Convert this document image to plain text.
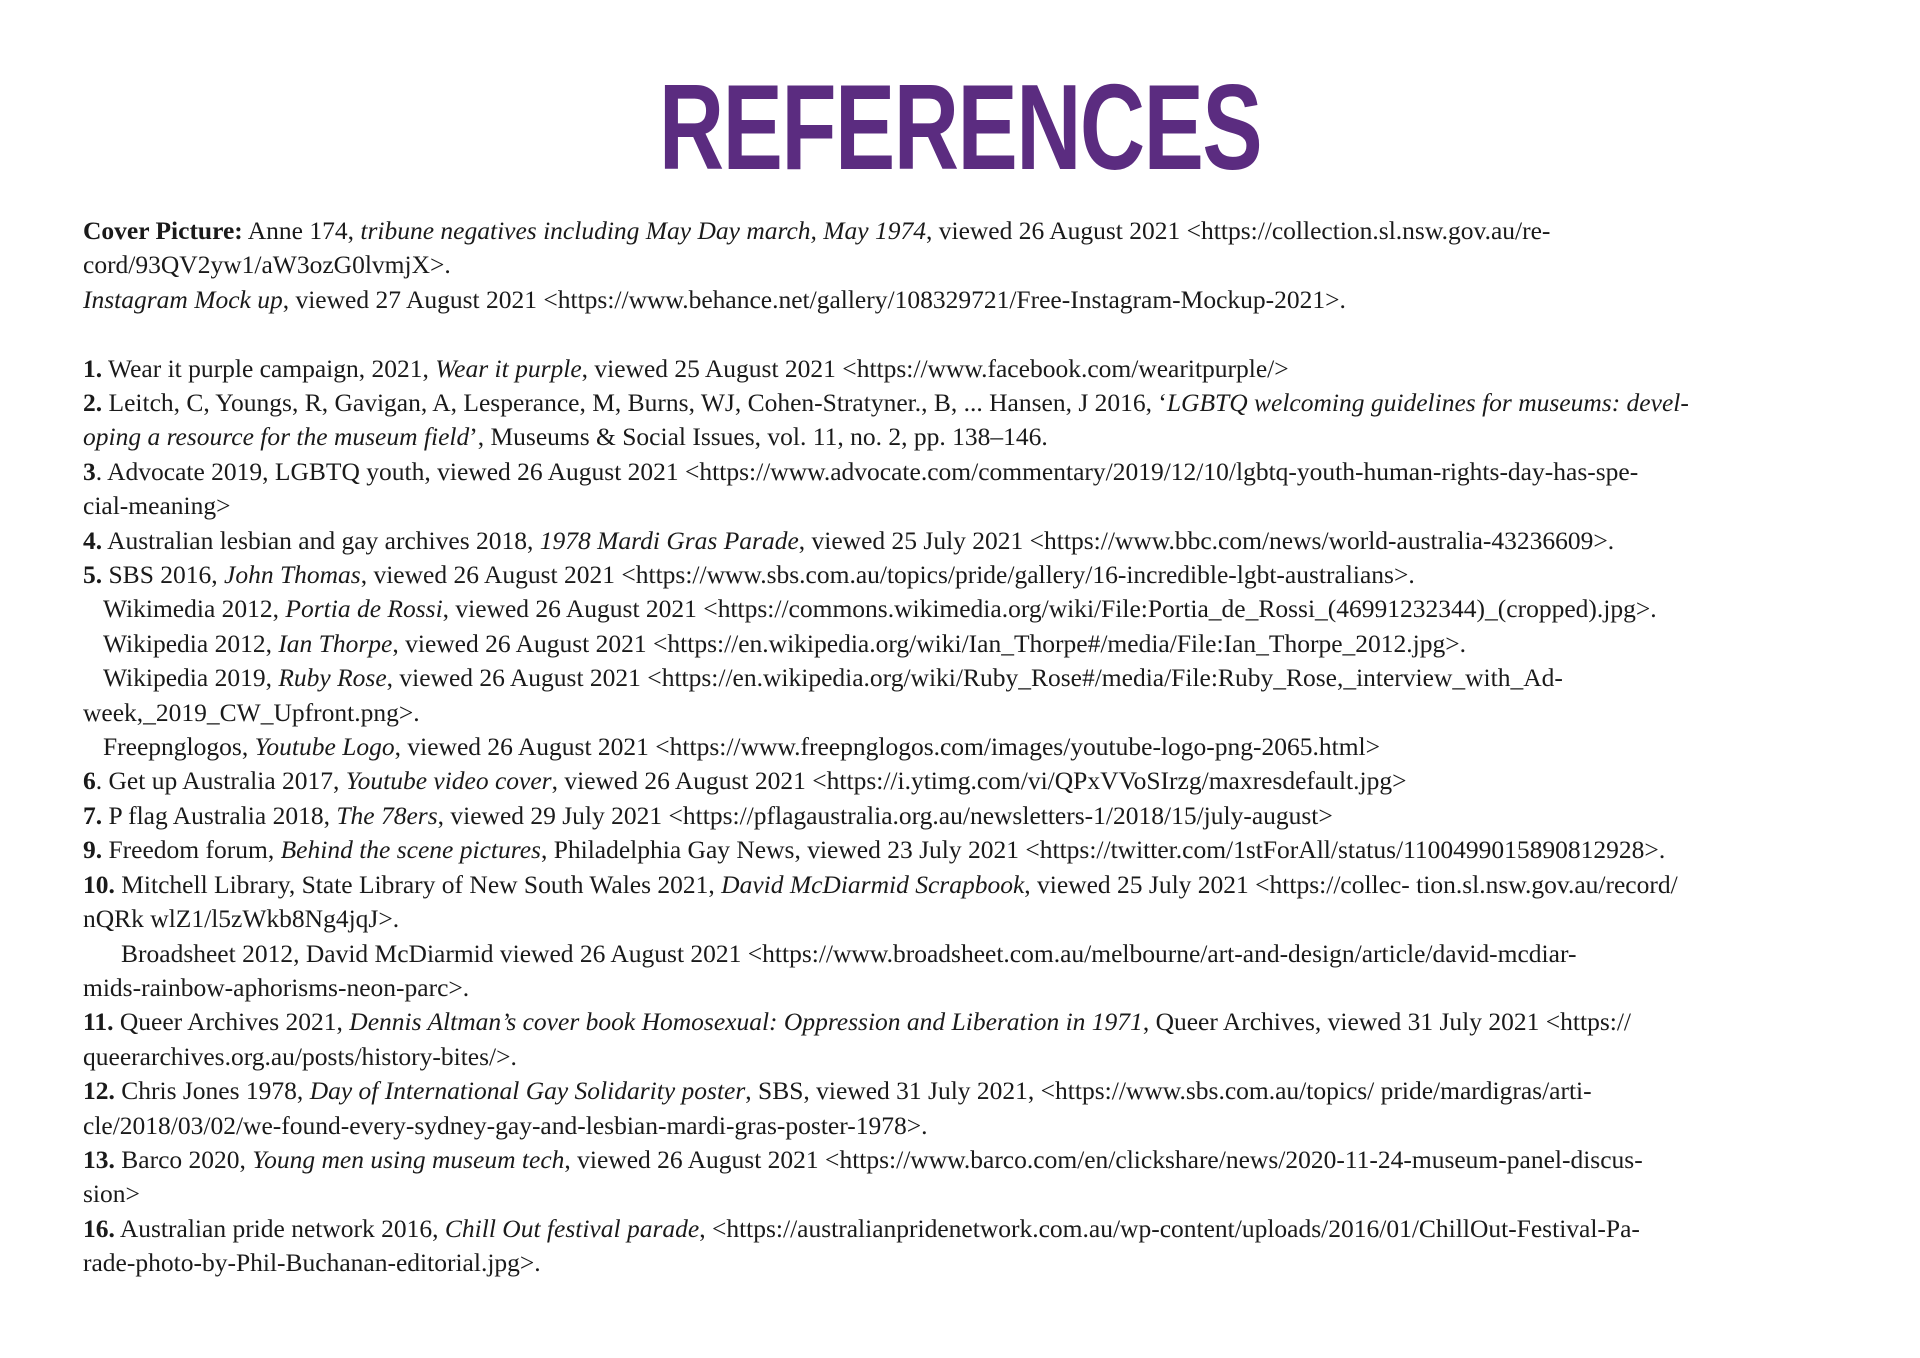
REFERENCES
Cover Picture: Anne 174, tribune negatives including May Day march, May 1974, viewed 26 August 2021 <https://collection.sl.nsw.gov.au/re-
cord/93QV2yw1/aW3ozG0lvmjX>.
Instagram Mock up, viewed 27 August 2021 <https://www.behance.net/gallery/108329721/Free-Instagram-Mockup-2021>.
1. Wear it purple campaign, 2021, Wear it purple, viewed 25 August 2021 <https://www.facebook.com/wearitpurple/>
2. Leitch, C, Youngs, R, Gavigan, A, Lesperance, M, Burns, WJ, Cohen-Stratyner., B, ... Hansen, J 2016, ‘LGBTQ welcoming guidelines for museums: devel-
oping a resource for the museum field’, Museums & Social Issues, vol. 11, no. 2, pp. 138–146.
3. Advocate 2019, LGBTQ youth, viewed 26 August 2021 <https://www.advocate.com/commentary/2019/12/10/lgbtq-youth-human-rights-day-has-spe-
cial-meaning>
4. Australian lesbian and gay archives 2018, 1978 Mardi Gras Parade, viewed 25 July 2021 <https://www.bbc.com/news/world-australia-43236609>.
5. SBS 2016, John Thomas, viewed 26 August 2021 <https://www.sbs.com.au/topics/pride/gallery/16-incredible-lgbt-australians>.
Wikimedia 2012, Portia de Rossi, viewed 26 August 2021 <https://commons.wikimedia.org/wiki/File:Portia_de_Rossi_(46991232344)_(cropped).jpg>.
Wikipedia 2012, Ian Thorpe, viewed 26 August 2021 <https://en.wikipedia.org/wiki/Ian_Thorpe#/media/File:Ian_Thorpe_2012.jpg>.
Wikipedia 2019, Ruby Rose, viewed 26 August 2021 <https://en.wikipedia.org/wiki/Ruby_Rose#/media/File:Ruby_Rose,_interview_with_Ad-
week,_2019_CW_Upfront.png>.
Freepnglogos, Youtube Logo, viewed 26 August 2021 <https://www.freepnglogos.com/images/youtube-logo-png-2065.html>
6. Get up Australia 2017, Youtube video cover, viewed 26 August 2021 <https://i.ytimg.com/vi/QPxVVoSIrzg/maxresdefault.jpg>
7. P flag Australia 2018, The 78ers, viewed 29 July 2021 <https://pflagaustralia.org.au/newsletters-1/2018/15/july-august>
9. Freedom forum, Behind the scene pictures, Philadelphia Gay News, viewed 23 July 2021 <https://twitter.com/1stForAll/status/1100499015890812928>.
10. Mitchell Library, State Library of New South Wales 2021, David McDiarmid Scrapbook, viewed 25 July 2021 <https://collec- tion.sl.nsw.gov.au/record/
nQRk wlZ1/l5zWkb8Ng4jqJ>.
Broadsheet 2012, David McDiarmid viewed 26 August 2021 <https://www.broadsheet.com.au/melbourne/art-and-design/article/david-mcdiar-
mids-rainbow-aphorisms-neon-parc>.
11. Queer Archives 2021, Dennis Altman’s cover book Homosexual: Oppression and Liberation in 1971, Queer Archives, viewed 31 July 2021 <https://
queerarchives.org.au/posts/history-bites/>.
12. Chris Jones 1978, Day of International Gay Solidarity poster, SBS, viewed 31 July 2021, <https://www.sbs.com.au/topics/ pride/mardigras/arti-
cle/2018/03/02/we-found-every-sydney-gay-and-lesbian-mardi-gras-poster-1978>.
13. Barco 2020, Young men using museum tech, viewed 26 August 2021 <https://www.barco.com/en/clickshare/news/2020-11-24-museum-panel-discus-
sion>
16. Australian pride network 2016, Chill Out festival parade, <https://australianpridenetwork.com.au/wp-content/uploads/2016/01/ChillOut-Festival-Pa-
rade-photo-by-Phil-Buchanan-editorial.jpg>.
